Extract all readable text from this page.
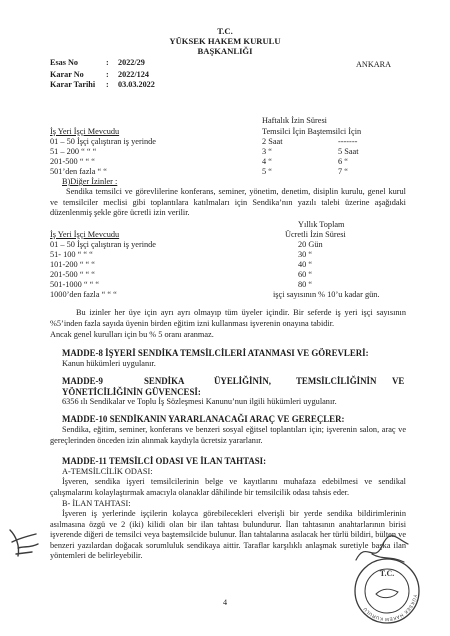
T.C.
YÜKSEK HAKEM KURULU
BAŞKANLIĞI
Esas No	: 2022/29	ANKARA
Karar No	: 2022/124
Karar Tarihi : 03.03.2022
Haftalık İzin Süresi
İş Yeri İşçi Mevcudu	Temsilci İçin Baştemsilci İçin
01 – 50 İşçi çalıştıran iş yerinde	2 Saat	-------
51 – 200 “ “ “	3 “	5 Saat
201-500 “ “ “	4 “	6 “
501’den fazla “ “	5 “	7 “
B)Diğer İzinler :
Sendika temsilci ve görevlilerine konferans, seminer, yönetim, denetim, disiplin kurulu, genel kurul ve temsilciler meclisi gibi toplantılara katılmaları için Sendika’nın yazılı talebi üzerine aşağıdaki düzenlenmiş şekle göre ücretli izin verilir.
Yıllık Toplam
İş Yeri İşçi Mevcudu	Ücretli İzin Süresi
01 – 50 İşçi çalıştıran iş yerinde	20 Gün
51- 100 “ “ “	30 “
101-200 “ “ “	40 “
201-500 “ “ “	60 “
501-1000 “ “ “	80 “
1000’den fazla “ “ “	işçi sayısının % 10’u kadar gün.
Bu izinler her üye için ayrı ayrı olmayıp tüm üyeler içindir. Bir seferde iş yeri işçi sayısının %5’inden fazla sayıda üyenin birden eğitim izni kullanması işverenin onayına tabidir.
Ancak genel kurulları için bu % 5 oranı aranmaz.
MADDE-8 İŞYERİ SENDİKA TEMSİLCİLERİ ATANMASI VE GÖREVLERİ:
Kanun hükümleri uygulanır.
MADDE-9	SENDİKA	ÜYELİĞİNİN,	TEMSİLCİLİĞİNİN VE
YÖNETİCİLİĞİNİN GÜVENCESİ:
6356 ılı Sendikalar ve Toplu İş Sözleşmesi Kanunu’nun ilgili hükümleri uygulanır.
MADDE-10 SENDİKANIN YARARLANACAĞI ARAÇ VE GEREÇLER:
Sendika, eğitim, seminer, konferans ve benzeri sosyal eğitsel toplantıları için; işverenin salon, araç ve gereçlerinden önceden izin alınmak kaydıyla ücretsiz yararlanır.
MADDE-11 TEMSİLCİ ODASI VE İLAN TAHTASI:
A-TEMSİLCİLİK ODASI:
İşveren, sendika işyeri temsilcilerinin belge ve kayıtlarını muhafaza edebilmesi ve sendikal çalışmalarını kolaylaştırmak amacıyla olanaklar dâhilinde bir temsilcilik odası tahsis eder.
B- İLAN TAHTASI:
İşveren iş yerlerinde işçilerin kolayca görebilecekleri elverişli bir yerde sendika bildirimlerinin asılmasına özgü ve 2 (iki) kilidi olan bir ilan tahtası bulundurur. İlan tahtasının anahtarlarının birisi işverende diğeri de temsilci veya baştemsilcide bulunur. İlan tahtalarına asılacak her türlü bildiri, bülten ve benzeri yazılardan doğacak sorumluluk sendikaya aittir. Taraflar karşılıklı anlaşmak suretiyle başka ilan yöntemleri de belirleyebilir.
T.C.
YÜKSEK HAKEM KURULU
4
